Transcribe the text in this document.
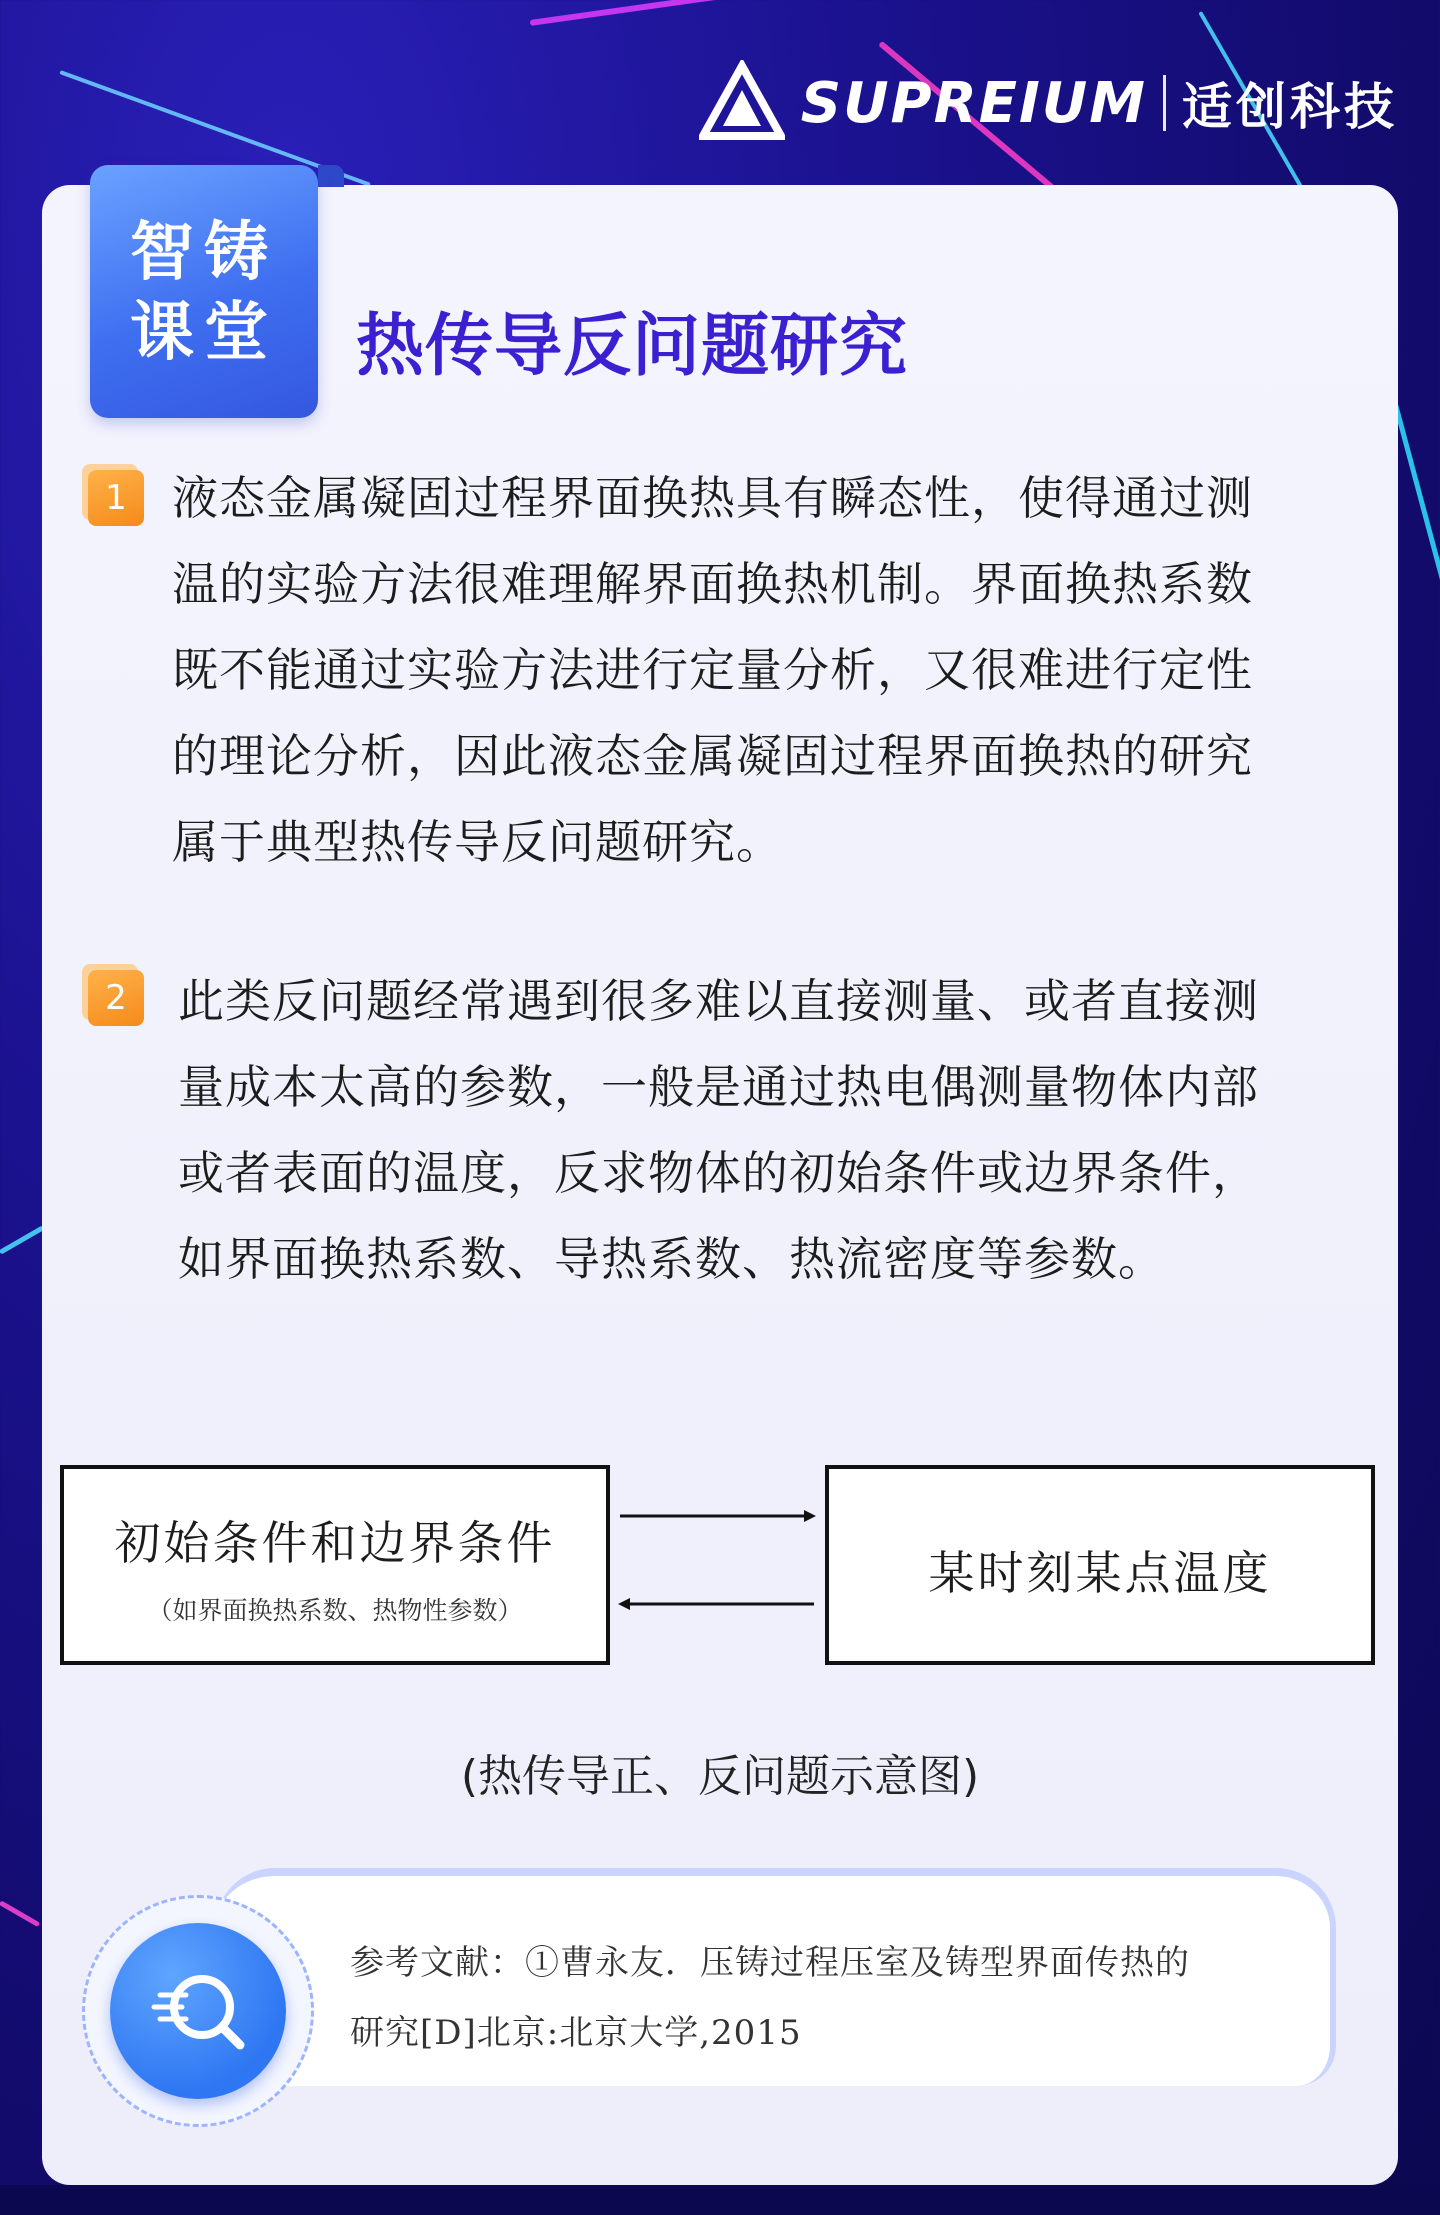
SUPREIUM 适创科技
智铸
课堂	热传导反问题研究
1 液态金属凝固过程界面换热具有瞬态性，使得通过测
温的实验方法很难理解界面换热机制。界面换热系数
既不能通过实验方法进行定量分析，又很难进行定性
的理论分析，因此液态金属凝固过程界面换热的研究
属于典型热传导反问题研究。
2	此类反问题经常遇到很多难以直接测量、或者直接测
量成本太高的参数，一般是通过热电偶测量物体内部
或者表面的温度，反求物体的初始条件或边界条件，
如界面换热系数、导热系数、热流密度等参数。
初始条件和边界条件
（如界面换热系数、热物性参数）
某时刻某点温度
(热传导正、反问题示意图)
参考文献：①曹永友．压铸过程压室及铸型界面传热的
研究[D]北京:北京大学,2015
